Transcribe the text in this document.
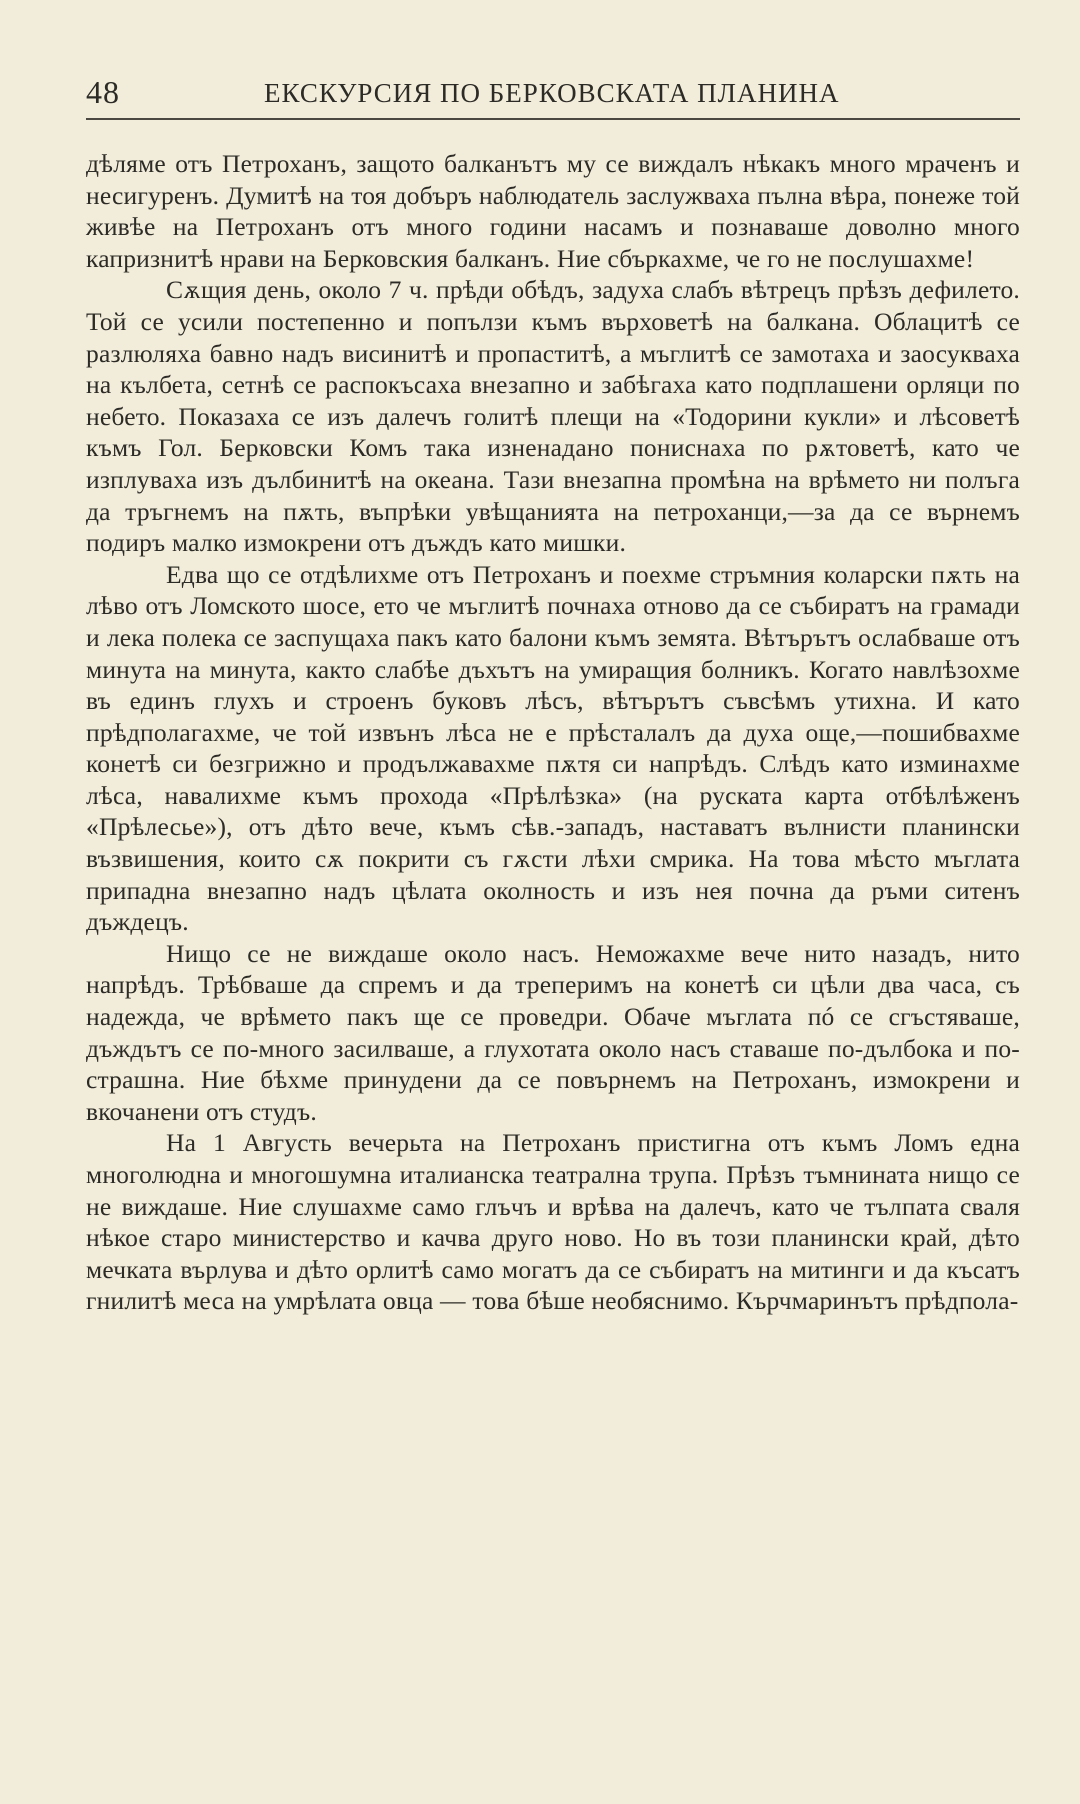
48	ЕКСКУРСИЯ ПО БЕРКОВСКАТА ПЛАНИНА

дѣляме отъ Петроханъ, защото балканътъ му се виждалъ нѣкакъ много мраченъ и несигуренъ. Думитѣ на тоя добъръ наблюдатель заслужваха пълна вѣра, понеже той живѣе на Петроханъ отъ много години насамъ и познаваше доволно много капризнитѣ нрави на Берковския балканъ. Ние сбъркахме, че го не послушахме!

Сѫщия день, около 7 ч. прѣди обѣдъ, задуха слабъ вѣтрецъ прѣзъ дефилето. Той се усили постепенно и попълзи къмъ върховетѣ на балкана. Облацитѣ се разлюляха бавно надъ висинитѣ и пропаститѣ, а мъглитѣ се замотаха и заосукваха на кълбета, сетнѣ се распокъсаха внезапно и забѣгаха като подплашени орляци по небето. Показаха се изъ далечъ голитѣ плещи на «Тодорини кукли» и лѣсоветѣ къмъ Гол. Берковски Комъ така изненадано пониснаха по рѫтоветѣ, като че изплуваха изъ дълбинитѣ на океана. Тази внезапна промѣна на врѣмето ни полъга да тръгнемъ на пѫть, въпрѣки увѣщанията на петроханци,—за да се върнемъ подиръ малко измокрени отъ дъждъ като мишки.

Едва що се отдѣлихме отъ Петроханъ и поехме стръмния коларски пѫть на лѣво отъ Ломското шосе, ето че мъглитѣ почнаха отново да се събиратъ на грамади и лека полека се заспущаха пакъ като балони къмъ земята. Вѣтърътъ ослабваше отъ минута на минута, както слабѣе дъхътъ на умиращия болникъ. Когато навлѣзохме въ единъ глухъ и строенъ буковъ лѣсъ, вѣтърътъ съвсѣмъ утихна. И като прѣдполагахме, че той извънъ лѣса не е прѣсталалъ да духа още,—пошибвахме конетѣ си безгрижно и продължавахме пѫтя си напрѣдъ. Слѣдъ като изминахме лѣса, навалихме къмъ прохода «Прѣлѣзка» (на руската карта отбѣлѣженъ «Прѣлесье»), отъ дѣто вече, къмъ сѣв.-западъ, наставатъ вълнисти планински възвишения, които сѫ покрити съ гѫсти лѣхи смрика. На това мѣсто мъглата припадна внезапно надъ цѣлата околность и изъ нея почна да ръми ситенъ дъждецъ.

Нищо се не виждаше около насъ. Неможахме вече нито назадъ, нито напрѣдъ. Трѣбваше да спремъ и да треперимъ на конетѣ си цѣли два часа, съ надежда, че врѣмето пакъ ще се проведри. Обаче мъглата пó се сгъстяваше, дъждътъ се по-много засилваше, а глухотата около насъ ставаше по-дълбока и по-страшна. Ние бѣхме принудени да се повърнемъ на Петроханъ, измокрени и вкочанени отъ студъ.

На 1 Августь вечерьта на Петроханъ пристигна отъ къмъ Ломъ една многолюдна и многошумна италианска театрална трупа. Прѣзъ тъмнината нищо се не виждаше. Ние слушахме само глъчъ и врѣва на далечъ, като че тълпата сваля нѣкое старо министерство и качва друго ново. Но въ този планински край, дѣто мечката върлува и дѣто орлитѣ само могатъ да се събиратъ на митинги и да късатъ гнилитѣ меса на умрѣлата овца — това бѣше необяснимо. Кърчмаринътъ прѣдпола-
